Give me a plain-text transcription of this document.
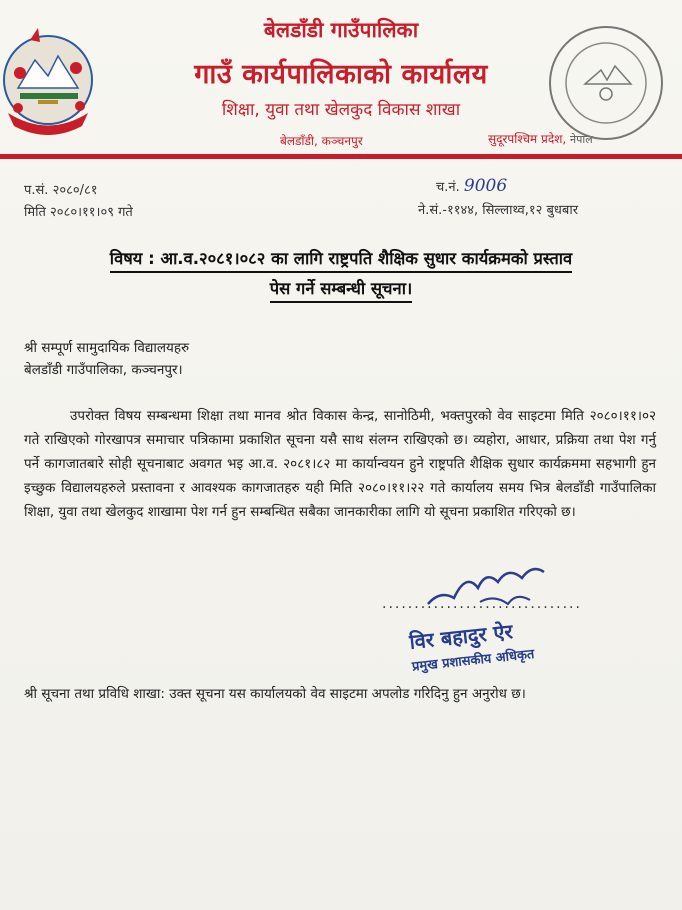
बेलडाँडी गाउँपालिका
गाउँ कार्यपालिकाको कार्यालय
शिक्षा, युवा तथा खेलकुद विकास शाखा
बेलडाँडी, कञ्चनपुर	सुदूरपश्चिम प्रदेश, नेपाल
प.सं. २०८०/८१
मिति २०८०।११।०९ गते
च.नं. 9006
ने.सं.-११४४, सिल्लाथ्व,१२ बुधबार
विषय : आ.व.२०८१।०८२ का लागि राष्ट्रपति शैक्षिक सुधार कार्यक्रमको प्रस्ताव
पेस गर्ने सम्बन्धी सूचना।
श्री सम्पूर्ण सामुदायिक विद्यालयहरु
बेलडाँडी गाउँपालिका, कञ्चनपुर।
उपरोक्त विषय सम्बन्धमा शिक्षा तथा मानव श्रोत विकास केन्द्र, सानोठिमी, भक्तपुरको वेव साइटमा मिति २०८०।११।०२ गते राखिएको गोरखापत्र समाचार पत्रिकामा प्रकाशित सूचना यसै साथ संलग्न राखिएको छ। व्यहोरा, आधार, प्रक्रिया तथा पेश गर्नु पर्ने कागजातबारे सोही सूचनाबाट अवगत भइ आ.व. २०८१।८२ मा कार्यान्वयन हुने राष्ट्रपति शैक्षिक सुधार कार्यक्रममा सहभागी हुन इच्छुक विद्यालयहरुले प्रस्तावना र आवश्यक कागजातहरु यही मिति २०८०।११।२२ गते कार्यालय समय भित्र बेलडाँडी गाउँपालिका शिक्षा, युवा तथा खेलकुद शाखामा पेश गर्न हुन सम्बन्धित सबैका जानकारीका लागि यो सूचना प्रकाशित गरिएको छ।
...............................
विर बहादुर ऐर
प्रमुख प्रशासकीय अधिकृत
श्री सूचना तथा प्रविधि शाखा: उक्त सूचना यस कार्यालयको वेव साइटमा अपलोड गरिदिनु हुन अनुरोध छ।
